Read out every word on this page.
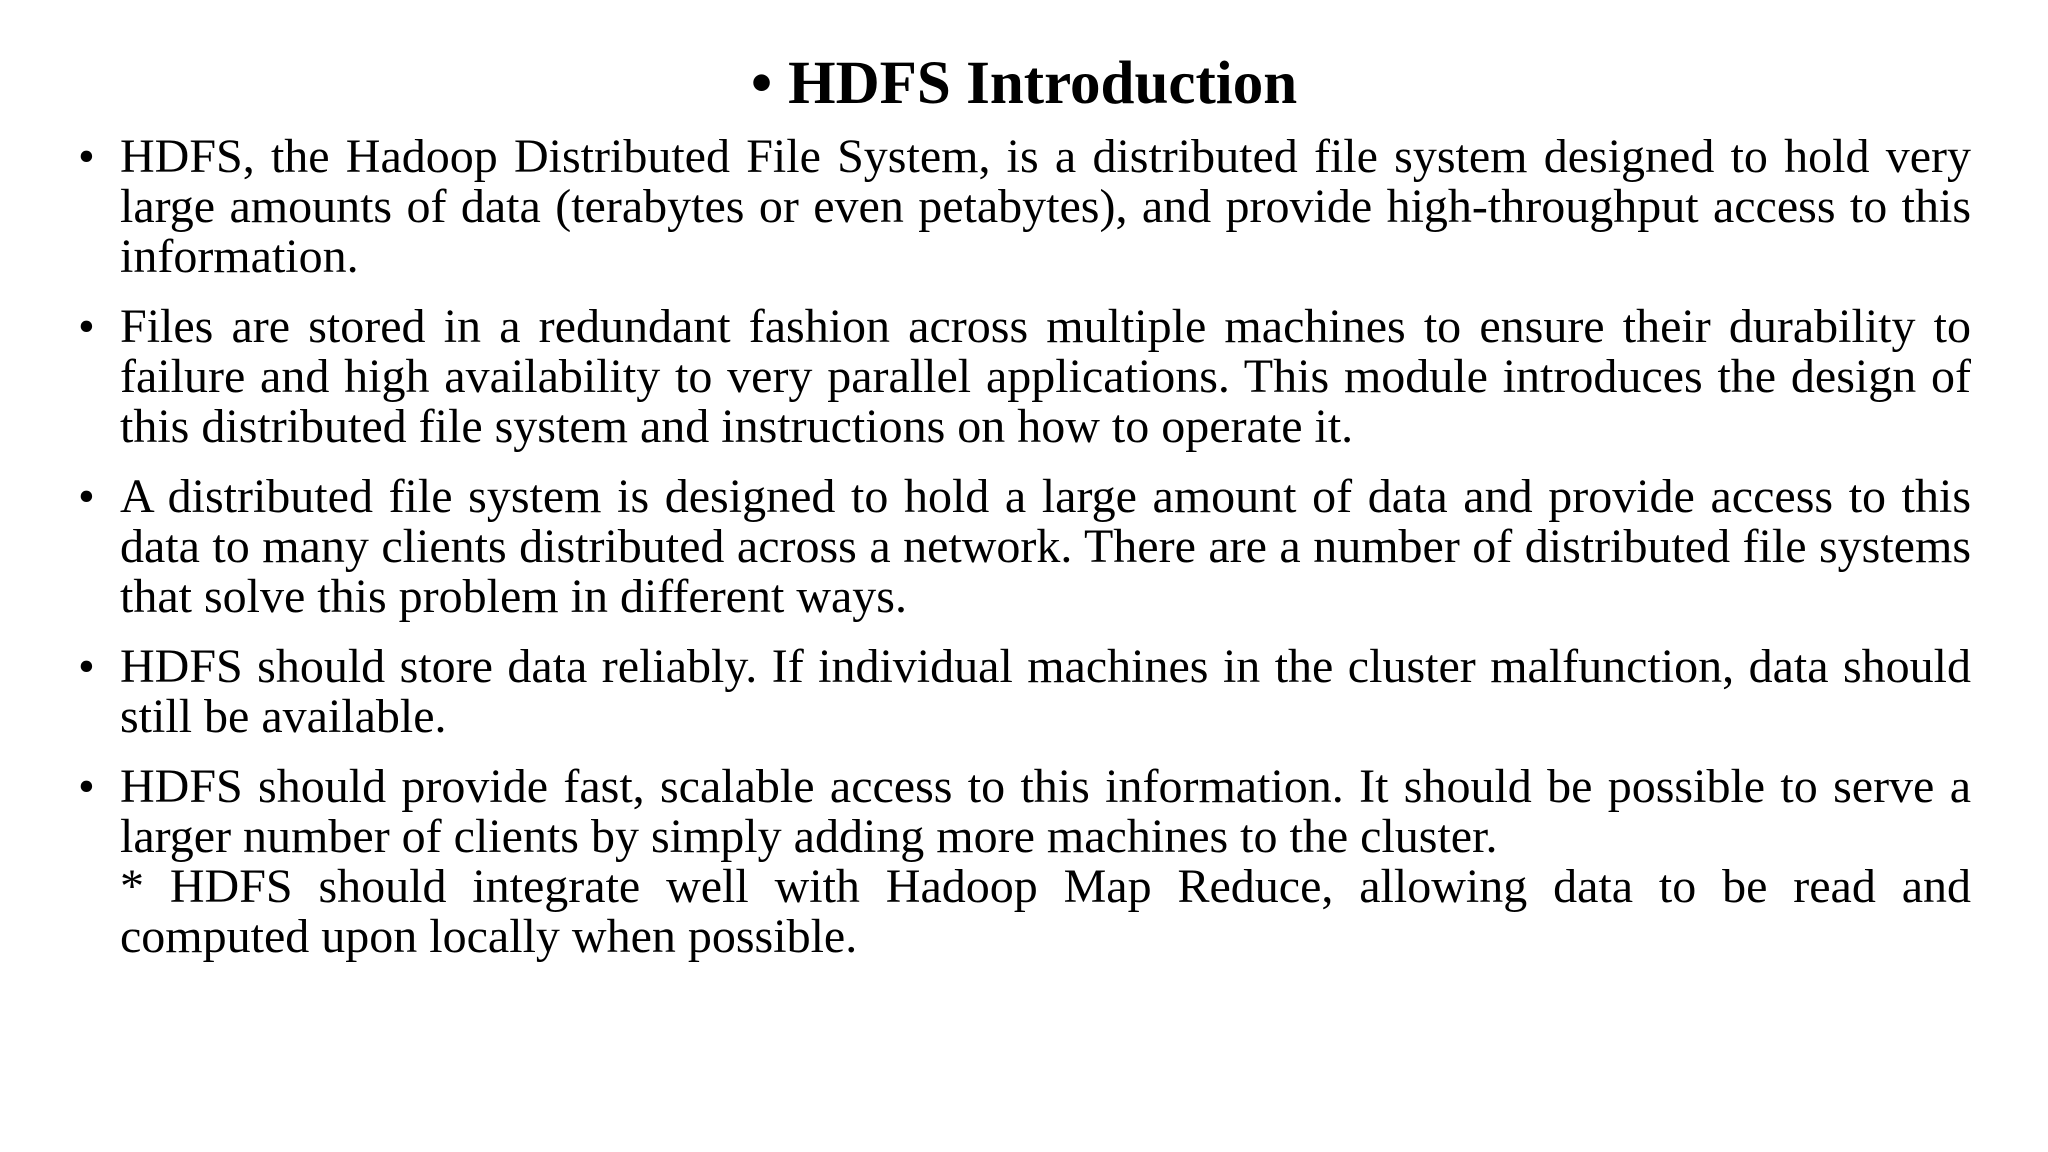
• HDFS Introduction
• HDFS, the Hadoop Distributed File System, is a distributed file system designed to hold very large amounts of data (terabytes or even petabytes), and provide high-throughput access to this information.
• Files are stored in a redundant fashion across multiple machines to ensure their durability to failure and high availability to very parallel applications. This module introduces the design of this distributed file system and instructions on how to operate it.
• A distributed file system is designed to hold a large amount of data and provide access to this data to many clients distributed across a network. There are a number of distributed file systems that solve this problem in different ways.
• HDFS should store data reliably. If individual machines in the cluster malfunction, data should still be available.
• HDFS should provide fast, scalable access to this information. It should be possible to serve a larger number of clients by simply adding more machines to the cluster.
* HDFS should integrate well with Hadoop Map Reduce, allowing data to be read and computed upon locally when possible.
